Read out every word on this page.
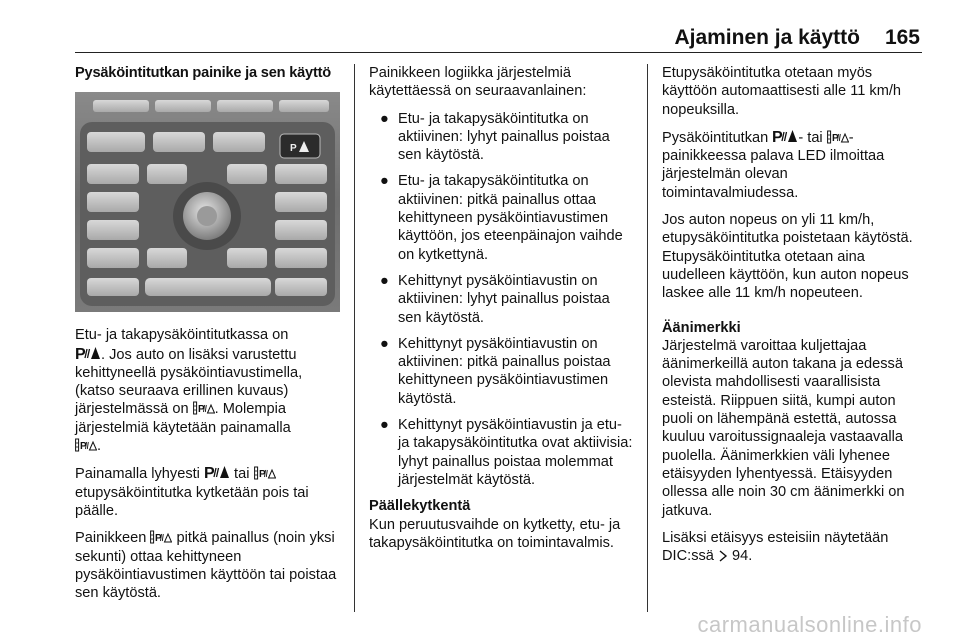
Ajaminen ja käyttö 165
Pysäköintitutkan painike ja sen käyttö
P

Etu- ja takapysäköintitutkassa on
. Jos auto on lisäksi varustettu kehittyneellä pysäköintiavustimella, (katso seuraava erillinen kuvaus) järjestelmässä on . Molempia järjestelmiä käytetään painamalla
.

Painamalla lyhyesti tai  etupysäköintitutka kytketään pois tai päälle.

Painikkeen pitkä painallus (noin yksi sekunti) ottaa kehittyneen pysäköintiavustimen käyttöön tai poistaa sen käytöstä.

Painikkeen logiikka järjestelmiä käytettäessä on seuraavanlainen:

● Etu- ja takapysäköintitutka on aktiivinen: lyhyt painallus poistaa sen käytöstä.
● Etu- ja takapysäköintitutka on aktiivinen: pitkä painallus ottaa kehittyneen pysäköintiavustimen käyttöön, jos eteenpäinajon vaihde on kytkettynä.
● Kehittynyt pysäköintiavustin on aktiivinen: lyhyt painallus poistaa sen käytöstä.
● Kehittynyt pysäköintiavustin on aktiivinen: pitkä painallus poistaa kehittyneen pysäköintiavustimen käytöstä.
● Kehittynyt pysäköintiavustin ja etu- ja takapysäköintitutka ovat aktiivisia: lyhyt painallus poistaa molemmat järjestelmät käytöstä.

Päällekytkentä
Kun peruutusvaihde on kytketty, etu- ja takapysäköintitutka on toimintavalmis.

Etupysäköintitutka otetaan myös käyttöön automaattisesti alle 11 km/h nopeuksilla.

Pysäköintitutkan - tai -painikkeessa palava LED ilmoittaa järjestelmän olevan toimintavalmiudessa.

Jos auton nopeus on yli 11 km/h, etupysäköintitutka poistetaan käytöstä. Etupysäköintitutka otetaan aina uudelleen käyttöön, kun auton nopeus laskee alle 11 km/h nopeuteen.

Äänimerkki
Järjestelmä varoittaa kuljettajaa äänimerkeillä auton takana ja edessä olevista mahdollisesti vaarallisista esteistä. Riippuen siitä, kumpi auton puoli on lähempänä estettä, autossa kuuluu varoitussignaaleja vastaavalla puolella. Äänimerkkien väli lyhenee etäisyyden lyhentyessä. Etäisyyden ollessa alle noin 30 cm äänimerkki on jatkuva.

Lisäksi etäisyys esteisiin näytetään DIC:ssä 94.

carmanualsonline.info
